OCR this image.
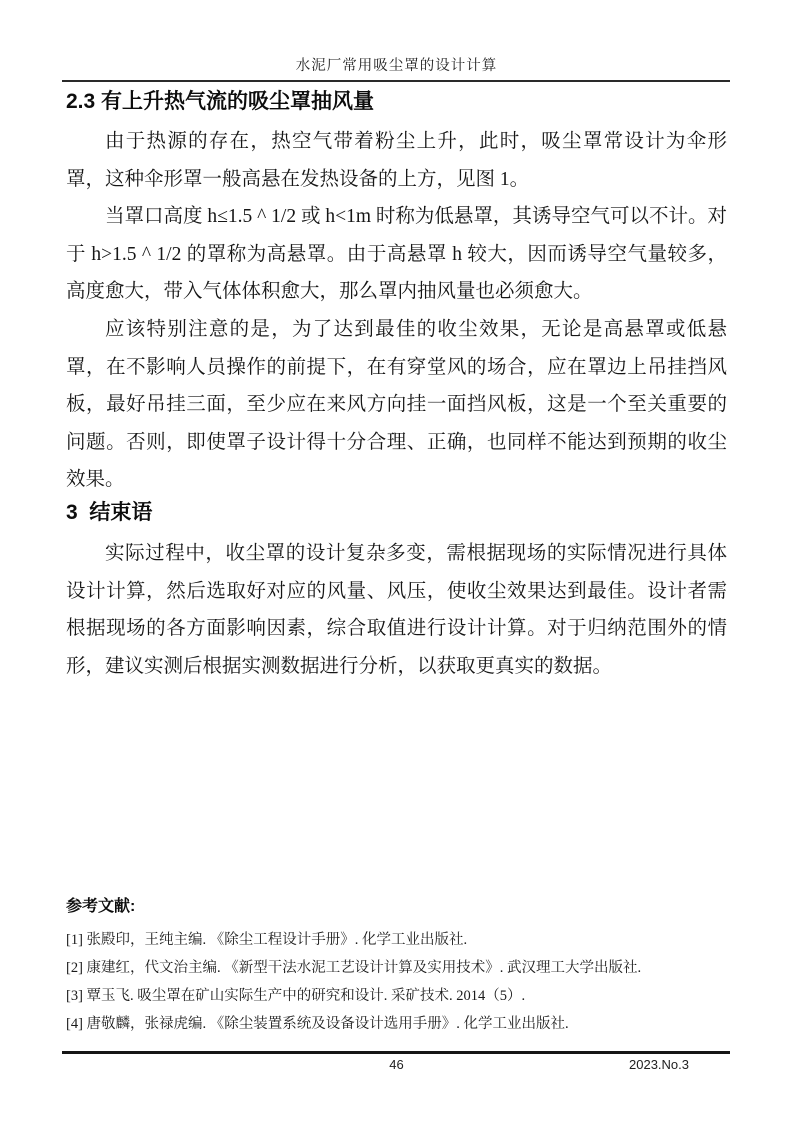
水泥厂常用吸尘罩的设计计算
2.3 有上升热气流的吸尘罩抽风量

由于热源的存在，热空气带着粉尘上升，此时，吸尘罩常设计为伞形罩，这种伞形罩一般高悬在发热设备的上方，见图 1。

当罩口高度 h≤1.5 ^ 1/2 或 h<1m 时称为低悬罩，其诱导空气可以不计。对于 h>1.5 ^ 1/2 的罩称为高悬罩。由于高悬罩 h 较大，因而诱导空气量较多，高度愈大，带入气体体积愈大，那么罩内抽风量也必须愈大。

应该特别注意的是，为了达到最佳的收尘效果，无论是高悬罩或低悬罩，在不影响人员操作的前提下，在有穿堂风的场合，应在罩边上吊挂挡风板，最好吊挂三面，至少应在来风方向挂一面挡风板，这是一个至关重要的问题。否则，即使罩子设计得十分合理、正确，也同样不能达到预期的收尘效果。

3  结束语

实际过程中，收尘罩的设计复杂多变，需根据现场的实际情况进行具体设计计算，然后选取好对应的风量、风压，使收尘效果达到最佳。设计者需根据现场的各方面影响因素，综合取值进行设计计算。对于归纳范围外的情形，建议实测后根据实测数据进行分析，以获取更真实的数据。

参考文献:

[1] 张殿印，王纯主编. 《除尘工程设计手册》. 化学工业出版社.

[2] 康建红，代文治主编. 《新型干法水泥工艺设计计算及实用技术》. 武汉理工大学出版社.

[3] 覃玉飞. 吸尘罩在矿山实际生产中的研究和设计. 采矿技术. 2014（5）.

[4] 唐敬麟，张禄虎编. 《除尘装置系统及设备设计选用手册》. 化学工业出版社.

46	2023.No.3
